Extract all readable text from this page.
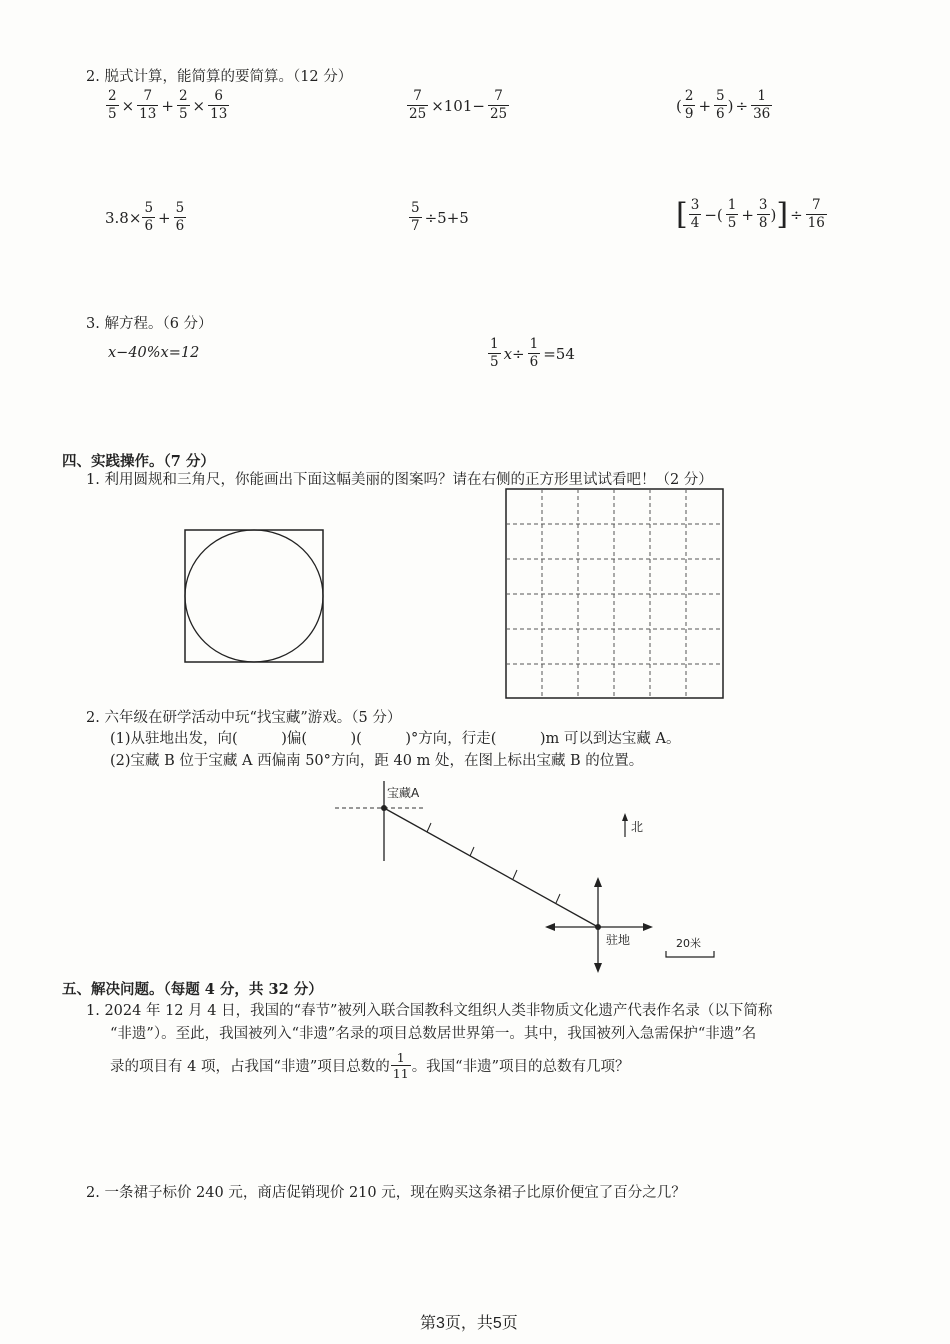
2. 脱式计算，能简算的要简算。（12 分）
$\frac{2}{5} \times \frac{7}{13} + \frac{2}{5} \times \frac{6}{13}$	$\frac{7}{25} \times 101- \frac{7}{25}$	( $\frac{2}{9} + \frac{5}{6}$ ) ÷ $\frac{1}{36}$
$3.8\times \frac{5}{6} + \frac{5}{6}$	$\frac{5}{7} \div 5+5$	[ $\frac{3}{4}$ −( $\frac{1}{5} + \frac{3}{8}$ ) ] ÷ $\frac{7}{16}$
3. 解方程。（6 分）
x−40%x=12	$\frac{1}{5} x\div \frac{1}{6} =54$
四、实践操作。（7 分）
1. 利用圆规和三角尺，你能画出下面这幅美丽的图案吗？请在右侧的正方形里试试看吧！（2 分）
2. 六年级在研学活动中玩“找宝藏”游戏。（5 分）
(1)从驻地出发，向(　　　)偏(　　　)(　　　)°方向，行走(　　　)m 可以到达宝藏 A。
(2)宝藏 B 位于宝藏 A 西偏南 50°方向，距 40 m 处，在图上标出宝藏 B 的位置。
宝藏A
驻地
北
20米
五、解决问题。（每题 4 分，共 32 分）
1. 2024 年 12 月 4 日，我国的“春节”被列入联合国教科文组织人类非物质文化遗产代表作名录（以下简称
“非遗”）。至此，我国被列入“非遗”名录的项目总数居世界第一。其中，我国被列入急需保护“非遗”名
录的项目有 4 项，占我国“非遗”项目总数的 $\frac{1}{11}$ 。我国“非遗”项目的总数有几项？
2. 一条裙子标价 240 元，商店促销现价 210 元，现在购买这条裙子比原价便宜了百分之几？
第3页，共5页
